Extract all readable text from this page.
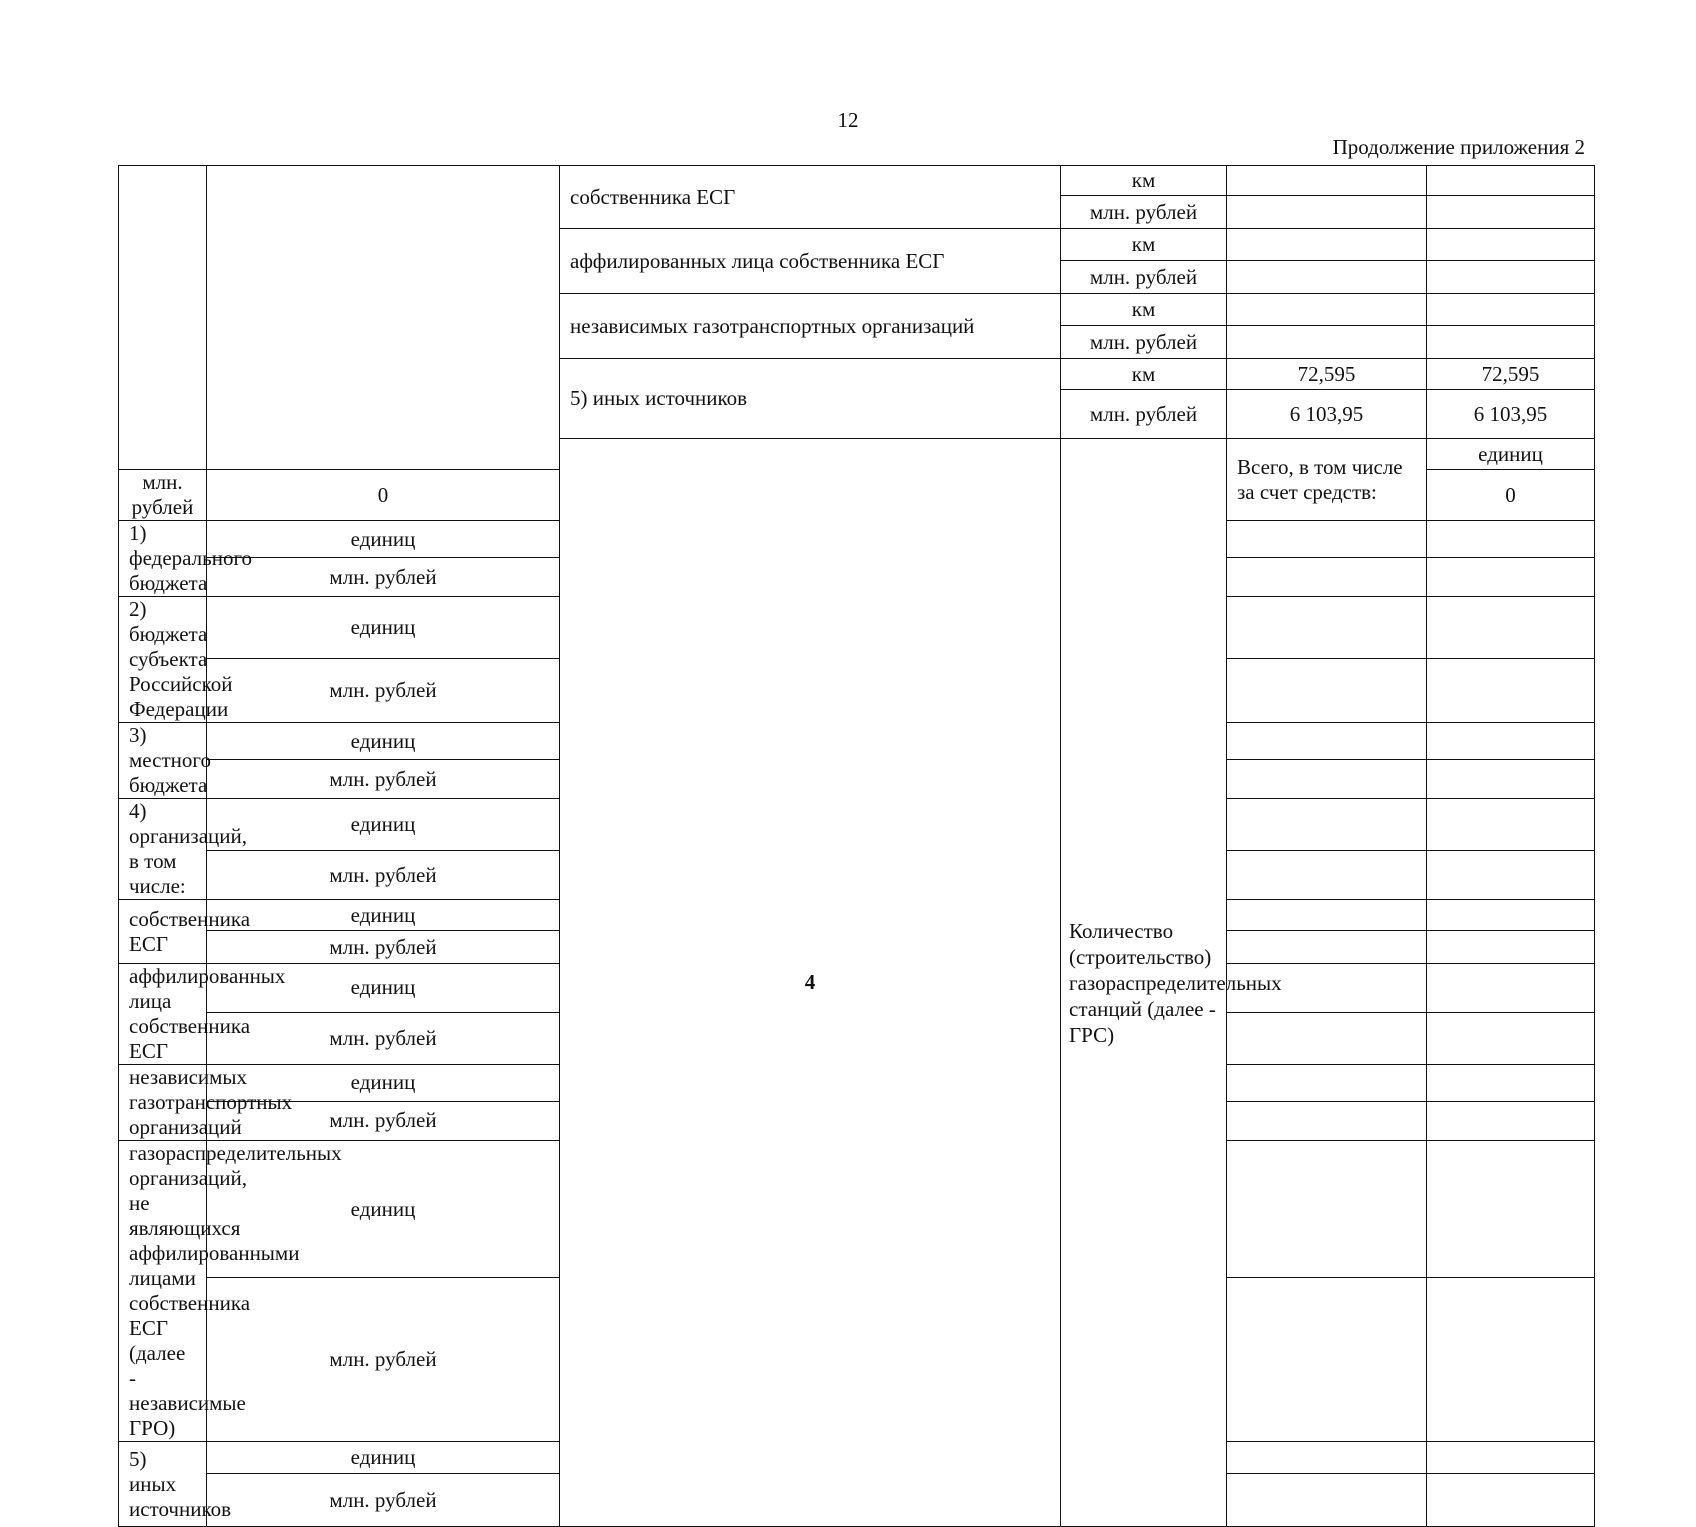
12
Продолжение приложения 2
		собственника ЕСГ	км			
			млн. рублей			
		аффилированных лица собственника ЕСГ	км			
			млн. рублей			
		независимых газотранспортных организаций	км			
			млн. рублей			
		5) иных источников	км	72,595	72,595	
			млн. рублей	6 103,95	6 103,95	
		4	Количество (строительство) газораспределительных станций (далее - ГРС)	Всего, в том числе за счет средств:	единиц		
млн. рублей	0				0	
1) федерального бюджета	единиц					
	млн. рублей					
2) бюджета субъекта Российской Федерации	единиц					
	млн. рублей					
3) местного бюджета	единиц					
	млн. рублей					
4) организаций, в том числе:	единиц					
	млн. рублей					
собственника ЕСГ	единиц					
	млн. рублей					
аффилированных лица собственника ЕСГ	единиц					
	млн. рублей					
независимых газотранспортных организаций	единиц					
	млн. рублей					
газораспределительных организаций, не являющихся аффилированными лицами собственника ЕСГ (далее - независимые ГРО)	единиц					
	млн. рублей					
5) иных источников	единиц					
	млн. рублей					
